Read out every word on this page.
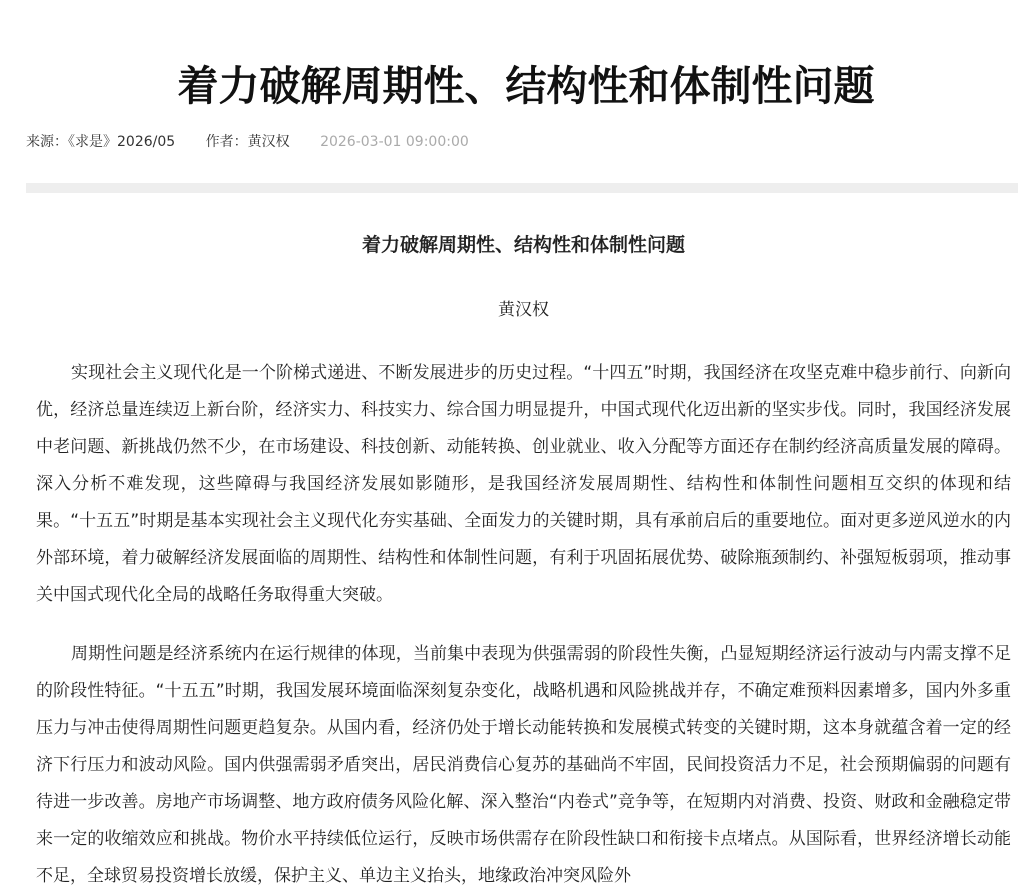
着力破解周期性、结构性和体制性问题
来源：《求是》2026/05 作者：黄汉权 2026-03-01 09:00:00
着力破解周期性、结构性和体制性问题

黄汉权

实现社会主义现代化是一个阶梯式递进、不断发展进步的历史过程。“十四五”时期，我国经济在攻坚克难中稳步前行、向新向优，经济总量连续迈上新台阶，经济实力、科技实力、综合国力明显提升，中国式现代化迈出新的坚实步伐。同时，我国经济发展中老问题、新挑战仍然不少，在市场建设、科技创新、动能转换、创业就业、收入分配等方面还存在制约经济高质量发展的障碍。深入分析不难发现，这些障碍与我国经济发展如影随形，是我国经济发展周期性、结构性和体制性问题相互交织的体现和结果。“十五五”时期是基本实现社会主义现代化夯实基础、全面发力的关键时期，具有承前启后的重要地位。面对更多逆风逆水的内外部环境，着力破解经济发展面临的周期性、结构性和体制性问题，有利于巩固拓展优势、破除瓶颈制约、补强短板弱项，推动事关中国式现代化全局的战略任务取得重大突破。

周期性问题是经济系统内在运行规律的体现，当前集中表现为供强需弱的阶段性失衡，凸显短期经济运行波动与内需支撑不足的阶段性特征。“十五五”时期，我国发展环境面临深刻复杂变化，战略机遇和风险挑战并存，不确定难预料因素增多，国内外多重压力与冲击使得周期性问题更趋复杂。从国内看，经济仍处于增长动能转换和发展模式转变的关键时期，这本身就蕴含着一定的经济下行压力和波动风险。国内供强需弱矛盾突出，居民消费信心复苏的基础尚不牢固，民间投资活力不足，社会预期偏弱的问题有待进一步改善。房地产市场调整、地方政府债务风险化解、深入整治“内卷式”竞争等，在短期内对消费、投资、财政和金融稳定带来一定的收缩效应和挑战。物价水平持续低位运行，反映市场供需存在阶段性缺口和衔接卡点堵点。从国际看，世界经济增长动能不足，全球贸易投资增长放缓，保护主义、单边主义抬头，地缘政治冲突风险外
